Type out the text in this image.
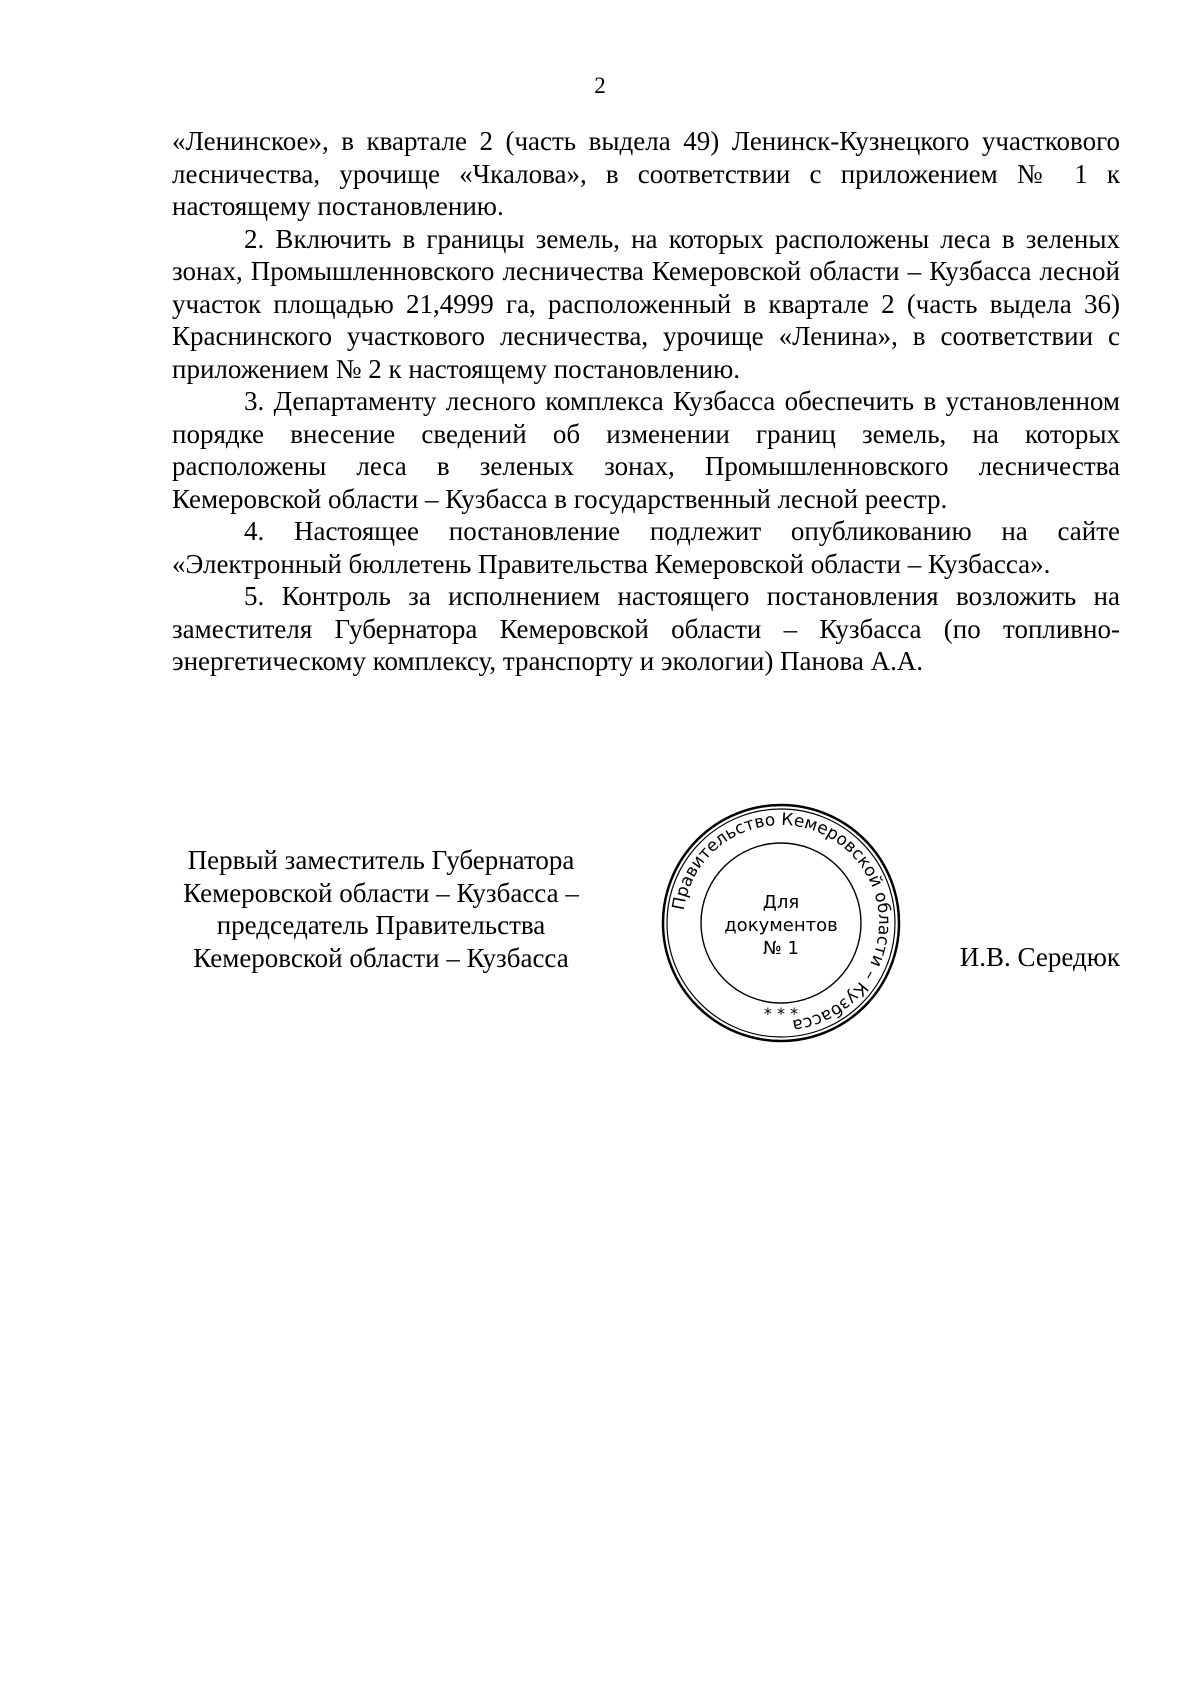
2

«Ленинское», в квартале 2 (часть выдела 49) Ленинск-Кузнецкого участкового лесничества, урочище «Чкалова», в соответствии с приложением № 1 к настоящему постановлению.

2. Включить в границы земель, на которых расположены леса в зеленых зонах, Промышленновского лесничества Кемеровской области – Кузбасса лесной участок площадью 21,4999 га, расположенный в квартале 2 (часть выдела 36) Краснинского участкового лесничества, урочище «Ленина», в соответствии с приложением № 2 к настоящему постановлению.

3. Департаменту лесного комплекса Кузбасса обеспечить в установленном порядке внесение сведений об изменении границ земель, на которых расположены леса в зеленых зонах, Промышленновского лесничества Кемеровской области – Кузбасса в государственный лесной реестр.

4. Настоящее постановление подлежит опубликованию на сайте «Электронный бюллетень Правительства Кемеровской области – Кузбасса».

5. Контроль за исполнением настоящего постановления возложить на заместителя Губернатора Кемеровской области – Кузбасса (по топливно-энергетическому комплексу, транспорту и экологии) Панова А.А.

Первый заместитель Губернатора
Кемеровской области – Кузбасса –
председатель Правительства
Кемеровской области – Кузбасса
Правительство Кемеровской области – Кузбасса
* * *
Для
документов
№ 1	И.В. Середюк
